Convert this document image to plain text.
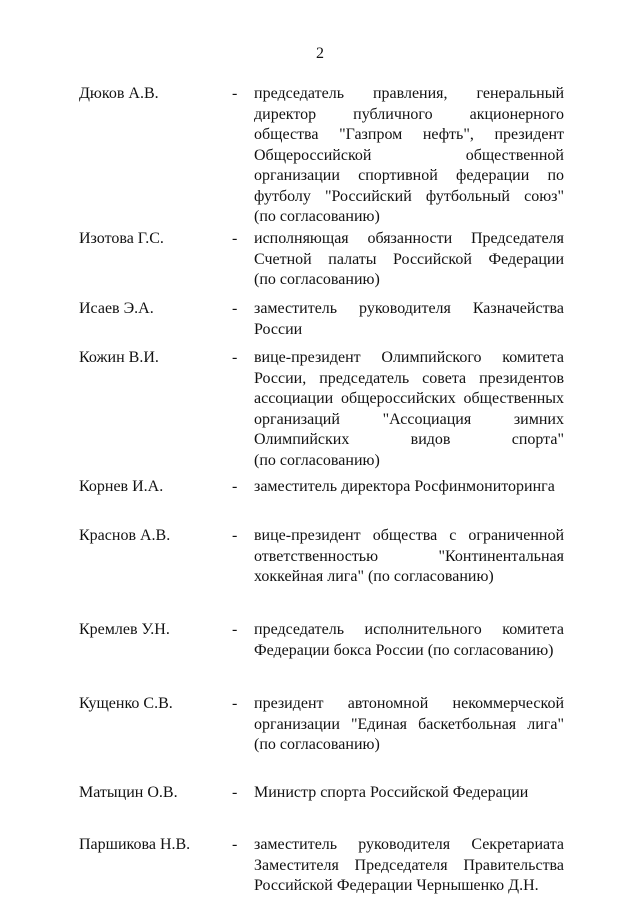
2
Дюков А.В.	- председатель правления, генеральный
директор публичного акционерного
общества "Газпром нефть", президент
Общероссийской общественной
организации спортивной федерации по
футболу "Российский футбольный союз"
(по согласованию)
Изотова Г.С.	- исполняющая обязанности Председателя
Счетной палаты Российской Федерации
(по согласованию)
Исаев Э.А.	- заместитель руководителя Казначейства
России
Кожин В.И.	- вице-президент Олимпийского комитета
России, председатель совета президентов
ассоциации общероссийских общественных
организаций "Ассоциация зимних
Олимпийских видов спорта"
(по согласованию)
Корнев И.А.	- заместитель директора Росфинмониторинга
Краснов А.В.	- вице-президент общества с ограниченной
ответственностью "Континентальная
хоккейная лига" (по согласованию)
Кремлев У.Н.	- председатель исполнительного комитета
Федерации бокса России (по согласованию)
Кущенко С.В.	- президент автономной некоммерческой
организации "Единая баскетбольная лига"
(по согласованию)
Матыцин О.В.	- Министр спорта Российской Федерации
Паршикова Н.В.	- заместитель руководителя Секретариата
Заместителя Председателя Правительства
Российской Федерации Чернышенко Д.Н.
